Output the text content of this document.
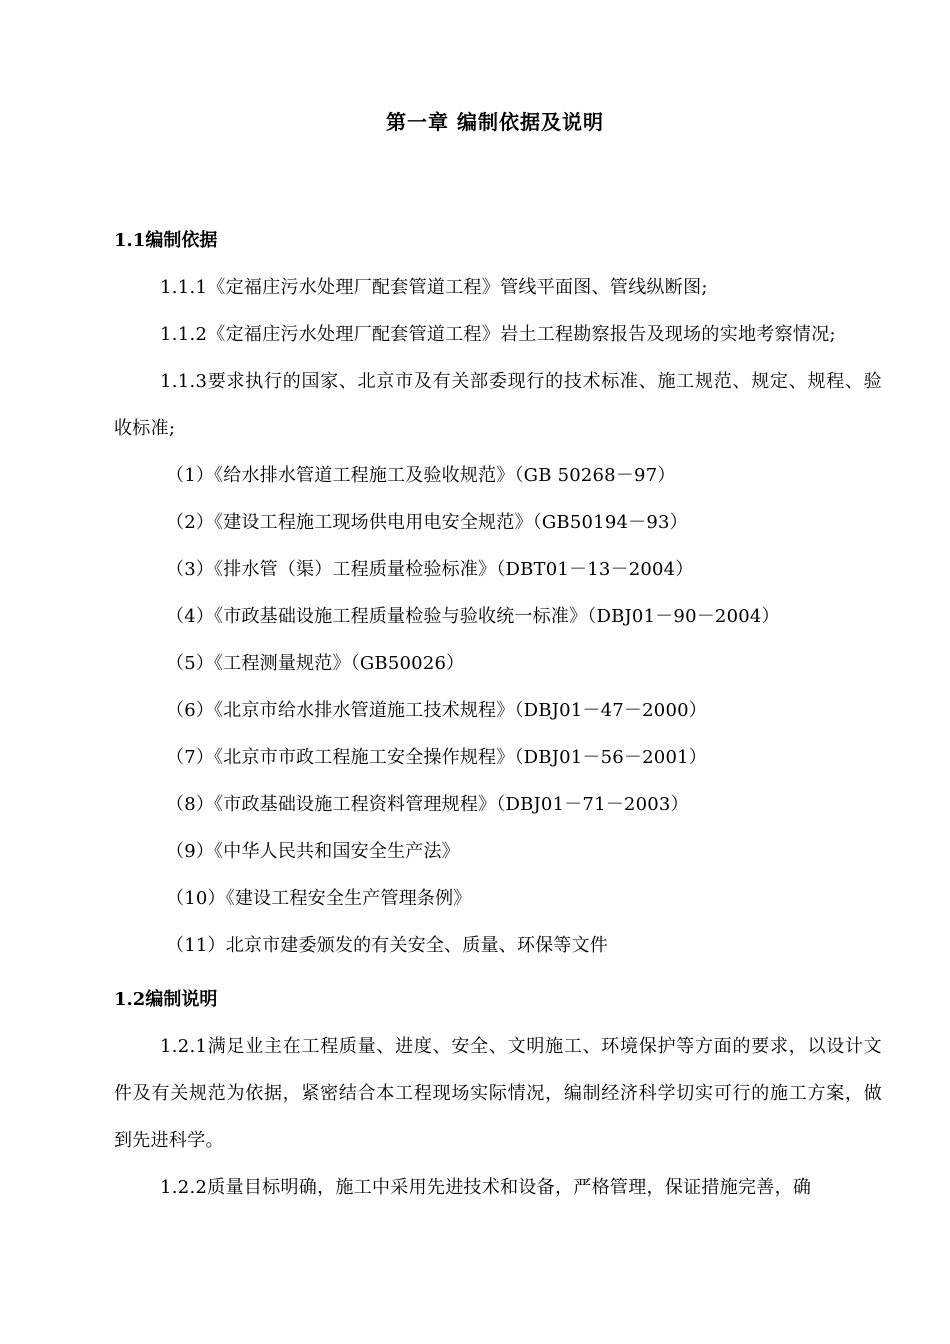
第一章 编制依据及说明
1.1编制依据
1.1.1《定福庄污水处理厂配套管道工程》管线平面图、管线纵断图;
1.1.2《定福庄污水处理厂配套管道工程》岩土工程勘察报告及现场的实地考察情况;
1.1.3要求执行的国家、北京市及有关部委现行的技术标准、施工规范、规定、规程、验收标准;
（1）《给水排水管道工程施工及验收规范》（GB 50268－97）
（2）《建设工程施工现场供电用电安全规范》（GB50194－93）
（3）《排水管（渠）工程质量检验标准》（DBT01－13－2004）
（4）《市政基础设施工程质量检验与验收统一标准》（DBJ01－90－2004）
（5）《工程测量规范》（GB50026）
（6）《北京市给水排水管道施工技术规程》（DBJ01－47－2000）
（7）《北京市市政工程施工安全操作规程》（DBJ01－56－2001）
（8）《市政基础设施工程资料管理规程》（DBJ01－71－2003）
（9）《中华人民共和国安全生产法》
（10）《建设工程安全生产管理条例》
（11）北京市建委颁发的有关安全、质量、环保等文件
1.2编制说明
1.2.1满足业主在工程质量、进度、安全、文明施工、环境保护等方面的要求，以设计文件及有关规范为依据，紧密结合本工程现场实际情况，编制经济科学切实可行的施工方案，做到先进科学。
1.2.2质量目标明确，施工中采用先进技术和设备，严格管理，保证措施完善，确
